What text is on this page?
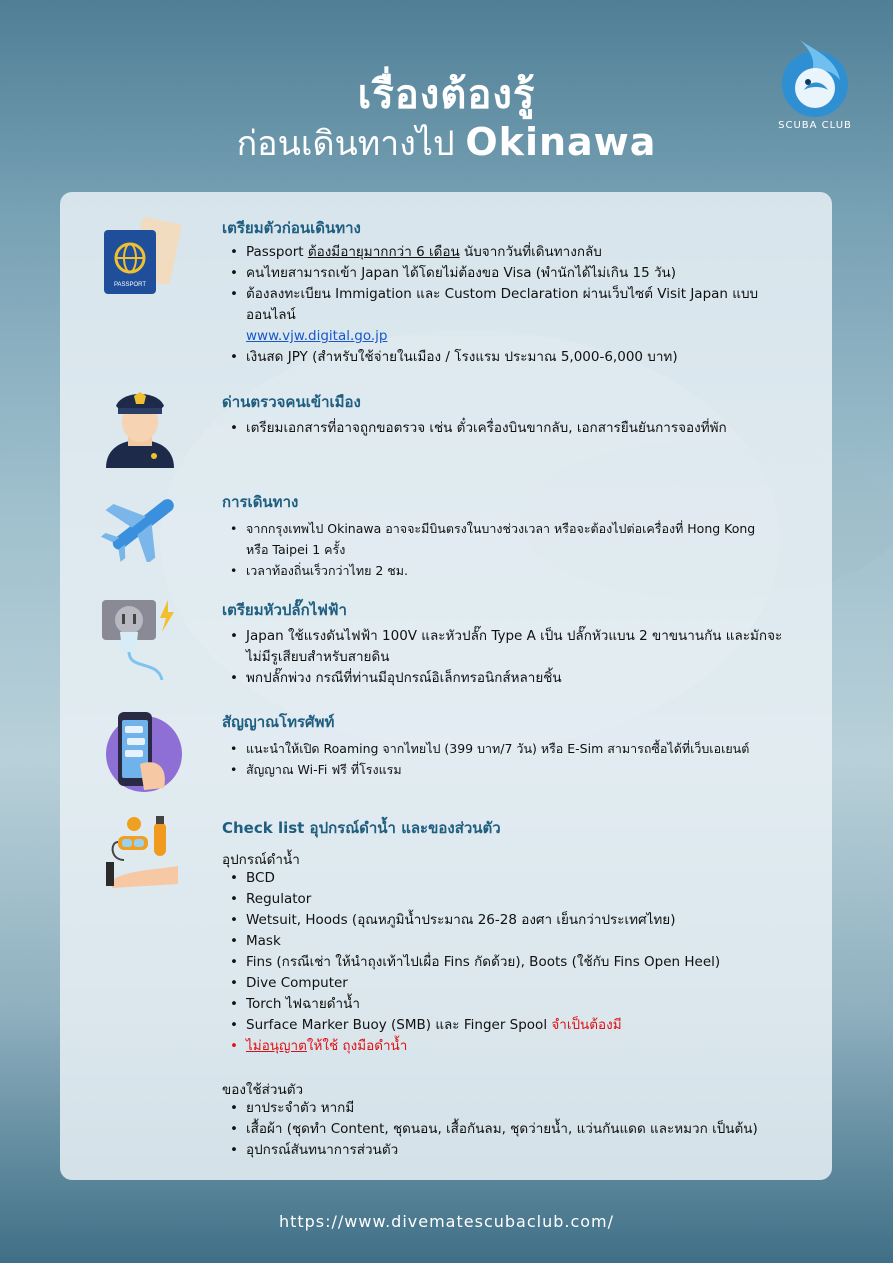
เรื่องต้องรู้
ก่อนเดินทางไป Okinawa	SCUBA CLUB
PASSPORT
เตรียมตัวก่อนเดินทาง
• Passport ต้องมีอายุมากกว่า 6 เดือน นับจากวันที่เดินทางกลับ
• คนไทยสามารถเข้า Japan ได้โดยไม่ต้องขอ Visa (พำนักได้ไม่เกิน 15 วัน)
• ต้องลงทะเบียน Immigation และ Custom Declaration ผ่านเว็บไซต์ Visit Japan แบบออนไลน์
www.vjw.digital.go.jp
• เงินสด JPY (สำหรับใช้จ่ายในเมือง / โรงแรม ประมาณ 5,000-6,000 บาท)
ด่านตรวจคนเข้าเมือง
• เตรียมเอกสารที่อาจถูกขอตรวจ เช่น ตั๋วเครื่องบินขากลับ, เอกสารยืนยันการจองที่พัก
การเดินทาง
• จากกรุงเทพไป Okinawa อาจจะมีบินตรงในบางช่วงเวลา หรือจะต้องไปต่อเครื่องที่ Hong Kong หรือ Taipei 1 ครั้ง
• เวลาท้องถิ่นเร็วกว่าไทย 2 ชม.
เตรียมหัวปลั๊กไฟฟ้า
• Japan ใช้แรงดันไฟฟ้า 100V และหัวปลั๊ก Type A เป็น ปลั๊กหัวแบน 2 ขาขนานกัน และมักจะไม่มีรูเสียบสำหรับสายดิน
• พกปลั๊กพ่วง กรณีที่ท่านมีอุปกรณ์อิเล็กทรอนิกส์หลายชิ้น
สัญญาณโทรศัพท์
• แนะนำให้เปิด Roaming จากไทยไป (399 บาท/7 วัน) หรือ E-Sim สามารถซื้อได้ที่เว็บเอเยนต์
• สัญญาณ Wi-Fi ฟรี ที่โรงแรม
Check list อุปกรณ์ดำน้ำ และของส่วนตัว
อุปกรณ์ดำน้ำ
• BCD
• Regulator
• Wetsuit, Hoods (อุณหภูมิน้ำประมาณ 26-28 องศา เย็นกว่าประเทศไทย)
• Mask
• Fins (กรณีเช่า ให้นำถุงเท้าไปเผื่อ Fins กัดด้วย), Boots (ใช้กับ Fins Open Heel)
• Dive Computer
• Torch ไฟฉายดำน้ำ
• Surface Marker Buoy (SMB) และ Finger Spool จำเป็นต้องมี
• ไม่อนุญาตให้ใช้ ถุงมือดำน้ำ
ของใช้ส่วนตัว
• ยาประจำตัว หากมี
• เสื้อผ้า (ชุดทำ Content, ชุดนอน, เสื้อกันลม, ชุดว่ายน้ำ, แว่นกันแดด และหมวก เป็นต้น)
• อุปกรณ์สันทนาการส่วนตัว
https://www.divematescubaclub.com/
